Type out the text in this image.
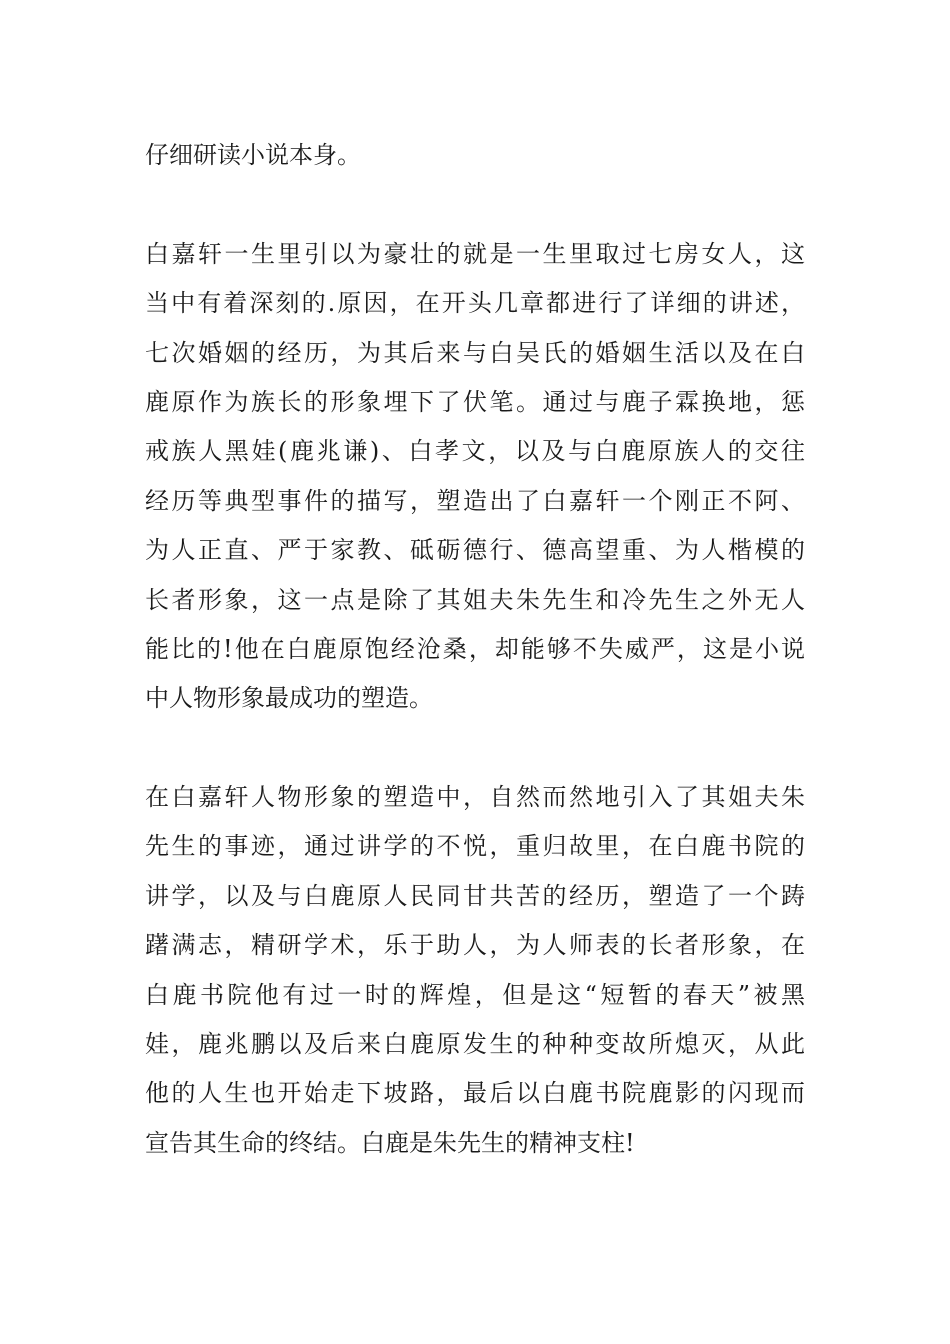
仔细研读小说本身。
白嘉轩一生里引以为豪壮的就是一生里取过七房女人，这
当中有着深刻的.原因，在开头几章都进行了详细的讲述，
七次婚姻的经历，为其后来与白吴氏的婚姻生活以及在白
鹿原作为族长的形象埋下了伏笔。通过与鹿子霖换地，惩
戒族人黑娃(鹿兆谦)、白孝文，以及与白鹿原族人的交往
经历等典型事件的描写，塑造出了白嘉轩一个刚正不阿、
为人正直、严于家教、砥砺德行、德高望重、为人楷模的
长者形象，这一点是除了其姐夫朱先生和冷先生之外无人
能比的!他在白鹿原饱经沧桑，却能够不失威严，这是小说
中人物形象最成功的塑造。
在白嘉轩人物形象的塑造中，自然而然地引入了其姐夫朱
先生的事迹，通过讲学的不悦，重归故里，在白鹿书院的
讲学，以及与白鹿原人民同甘共苦的经历，塑造了一个踌
躇满志，精研学术，乐于助人，为人师表的长者形象，在
白鹿书院他有过一时的辉煌，但是这“短暂的春天”被黑
娃，鹿兆鹏以及后来白鹿原发生的种种变故所熄灭，从此
他的人生也开始走下坡路，最后以白鹿书院鹿影的闪现而
宣告其生命的终结。白鹿是朱先生的精神支柱!
